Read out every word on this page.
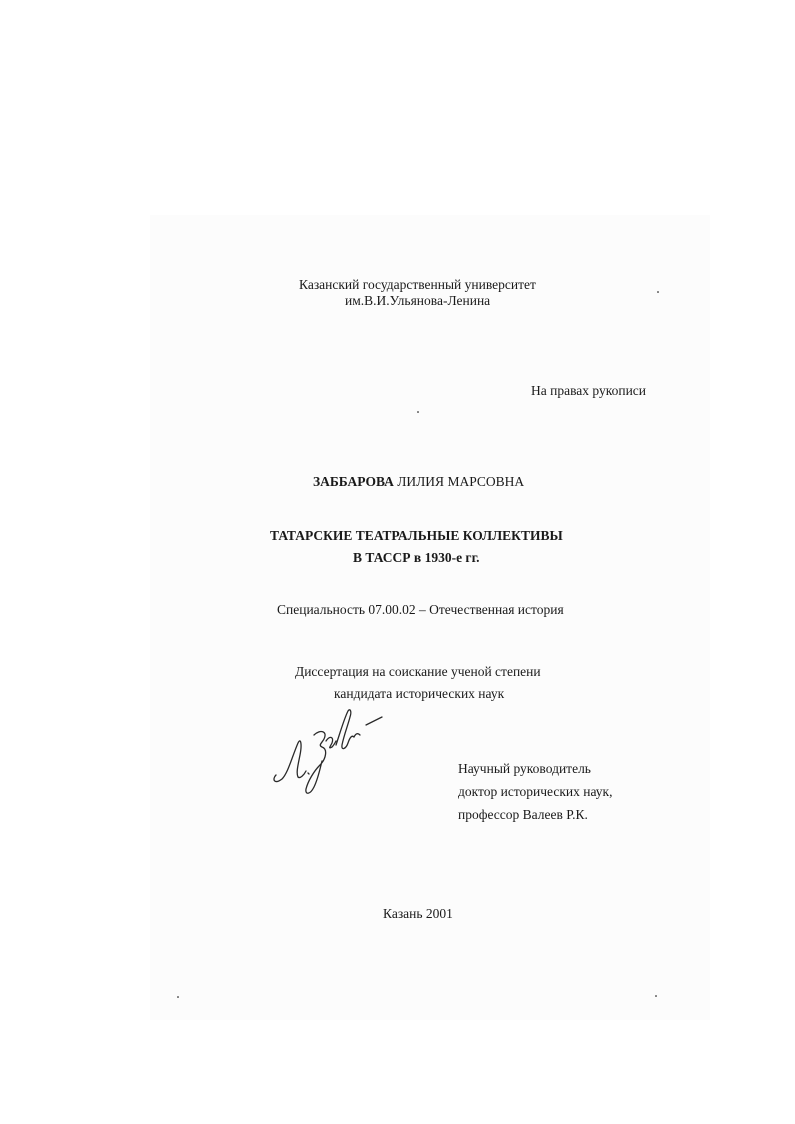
Казанский государственный университет
им.В.И.Ульянова-Ленина
На правах рукописи
ЗАББАРОВА ЛИЛИЯ МАРСОВНА
ТАТАРСКИЕ ТЕАТРАЛЬНЫЕ КОЛЛЕКТИВЫ
В ТАССР в 1930-е гг.
Специальность 07.00.02 – Отечественная история
Диссертация на соискание ученой степени
кандидата исторических наук
Научный руководитель
доктор исторических наук,
профессор Валеев Р.К.
Казань 2001
